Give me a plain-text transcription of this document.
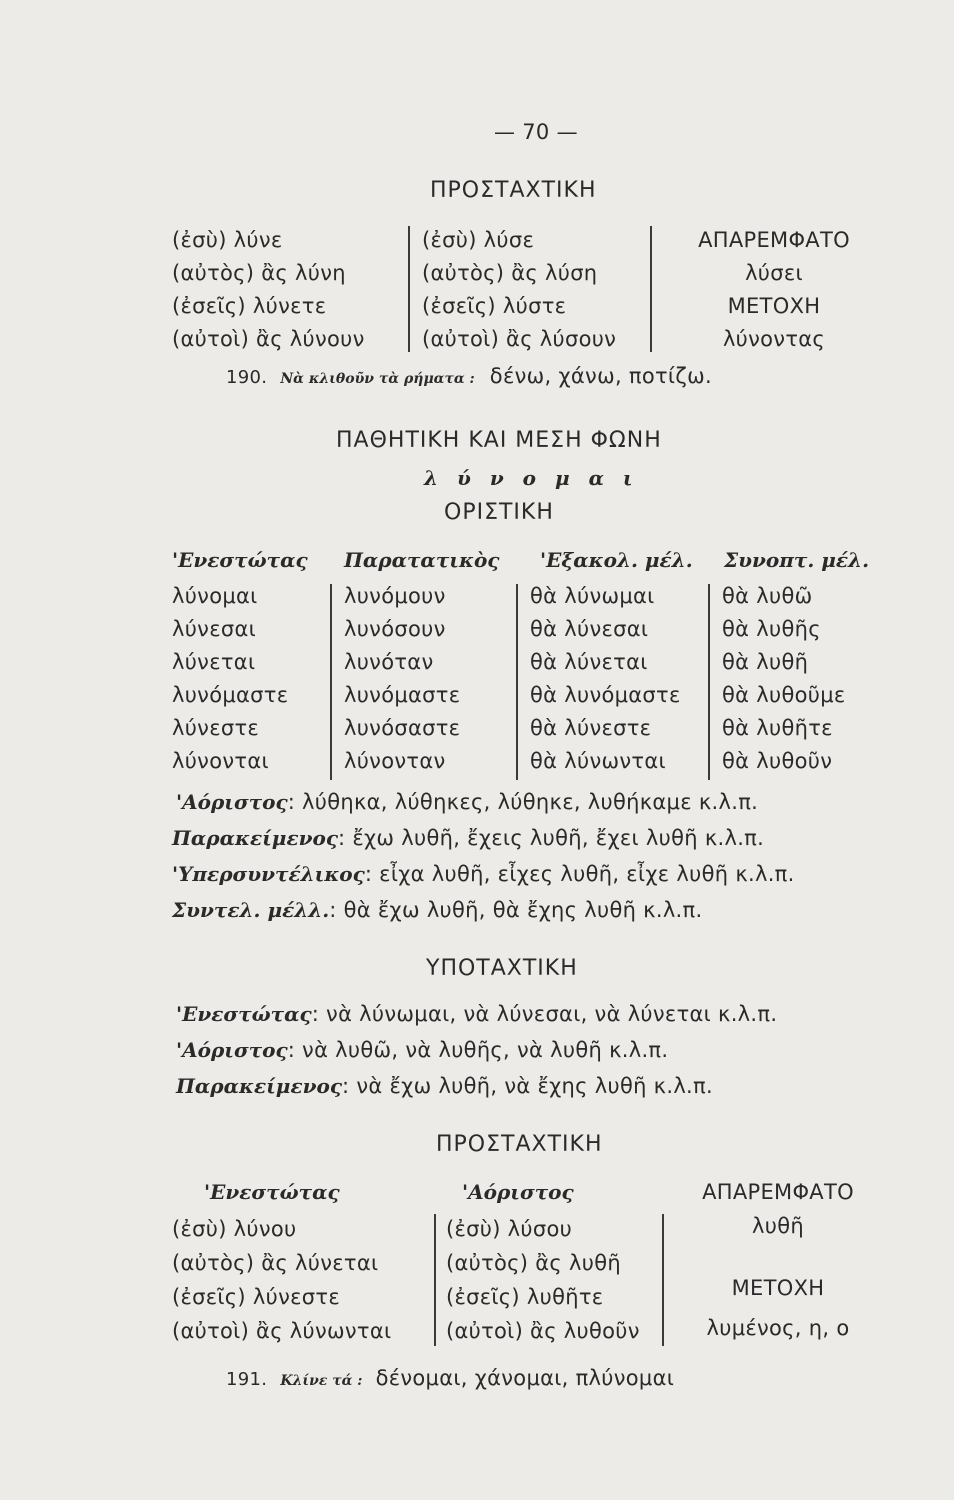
— 70 —
ΠΡΟΣΤΑΧΤΙΚΗ
(ἐσὺ) λύνε
(αὐτὸς) ἂς λύνη
(ἐσεῖς) λύνετε
(αὐτοὶ) ἂς λύνουν
(ἐσὺ) λύσε
(αὐτὸς) ἂς λύση
(ἐσεῖς) λύστε
(αὐτοὶ) ἂς λύσουν
ΑΠΑΡΕΜΦΑΤΟ
λύσει
ΜΕΤΟΧΗ
λύνοντας
190. Νὰ κλιθοῦν τὰ ρήματα : δένω, χάνω, ποτίζω.
ΠΑΘΗΤΙΚΗ ΚΑΙ ΜΕΣΗ ΦΩΝΗ
λ ύ ν ο μ α ι
ΟΡΙΣΤΙΚΗ
'Ενεστώτας Παρατατικὸς 'Εξακολ. μέλ. Συνοπτ. μέλ.
λύνομαι
λύνεσαι
λύνεται
λυνόμαστε
λύνεστε
λύνονται
λυνόμουν
λυνόσουν
λυνόταν
λυνόμαστε
λυνόσαστε
λύνονταν
θὰ λύνωμαι
θὰ λύνεσαι
θὰ λύνεται
θὰ λυνόμαστε
θὰ λύνεστε
θὰ λύνωνται
θὰ λυθῶ
θὰ λυθῆς
θὰ λυθῆ
θὰ λυθοῦμε
θὰ λυθῆτε
θὰ λυθοῦν
'Αόριστος: λύθηκα, λύθηκες, λύθηκε, λυθήκαμε κ.λ.π.
Παρακείμενος: ἔχω λυθῆ, ἔχεις λυθῆ, ἔχει λυθῆ κ.λ.π.
'Υπερσυντέλικος: εἶχα λυθῆ, εἶχες λυθῆ, εἶχε λυθῆ κ.λ.π.
Συντελ. μέλλ.: θὰ ἔχω λυθῆ, θὰ ἔχης λυθῆ κ.λ.π.
ΥΠΟΤΑΧΤΙΚΗ
'Ενεστώτας: νὰ λύνωμαι, νὰ λύνεσαι, νὰ λύνεται κ.λ.π.
'Αόριστος: νὰ λυθῶ, νὰ λυθῆς, νὰ λυθῆ κ.λ.π.
Παρακείμενος: νὰ ἔχω λυθῆ, νὰ ἔχης λυθῆ κ.λ.π.
ΠΡΟΣΤΑΧΤΙΚΗ
'Ενεστώτας	'Αόριστος	ΑΠΑΡΕΜΦΑΤΟ
(ἐσὺ) λύνου
(αὐτὸς) ἂς λύνεται
(ἐσεῖς) λύνεστε
(αὐτοὶ) ἂς λύνωνται
(ἐσὺ) λύσου
(αὐτὸς) ἂς λυθῆ
(ἐσεῖς) λυθῆτε
(αὐτοὶ) ἂς λυθοῦν
λυθῆ
ΜΕΤΟΧΗ
λυμένος, η, ο
191. Κλίνε τά : δένομαι, χάνομαι, πλύνομαι
